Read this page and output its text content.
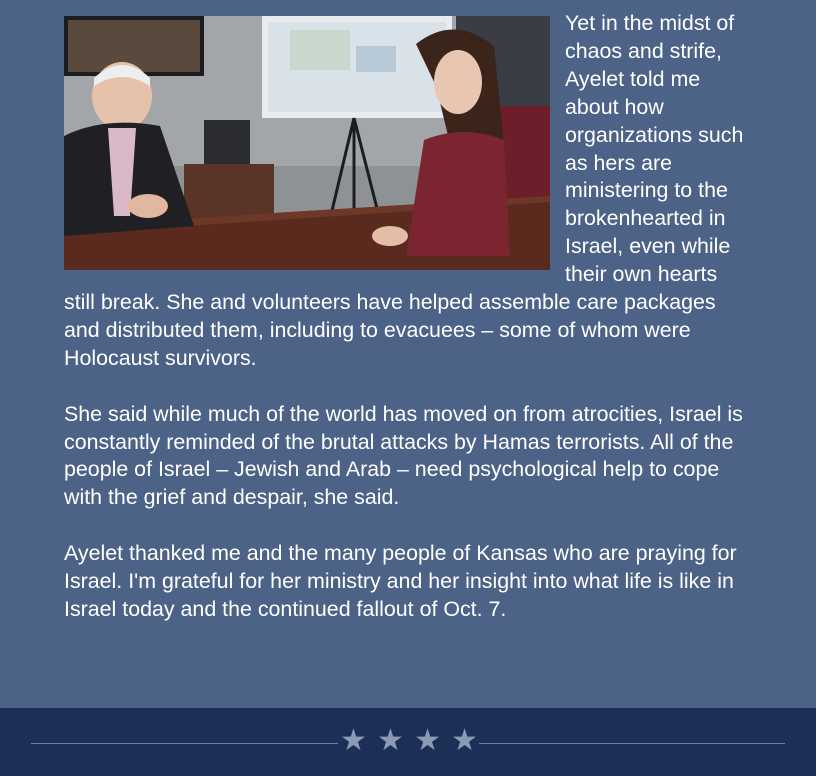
Yet in the midst of chaos and strife, Ayelet told me about how organizations such as hers are ministering to the brokenhearted in Israel, even while their own hearts still break. She and volunteers have helped assemble care packages and distributed them, including to evacuees – some of whom were Holocaust survivors.

She said while much of the world has moved on from atrocities, Israel is constantly reminded of the brutal attacks by Hamas terrorists. All of the people of Israel – Jewish and Arab – need psychological help to cope with the grief and despair, she said.

Ayelet thanked me and the many people of Kansas who are praying for Israel. I'm grateful for her ministry and her insight into what life is like in Israel today and the continued fallout of Oct. 7.

★ ★ ★ ★
